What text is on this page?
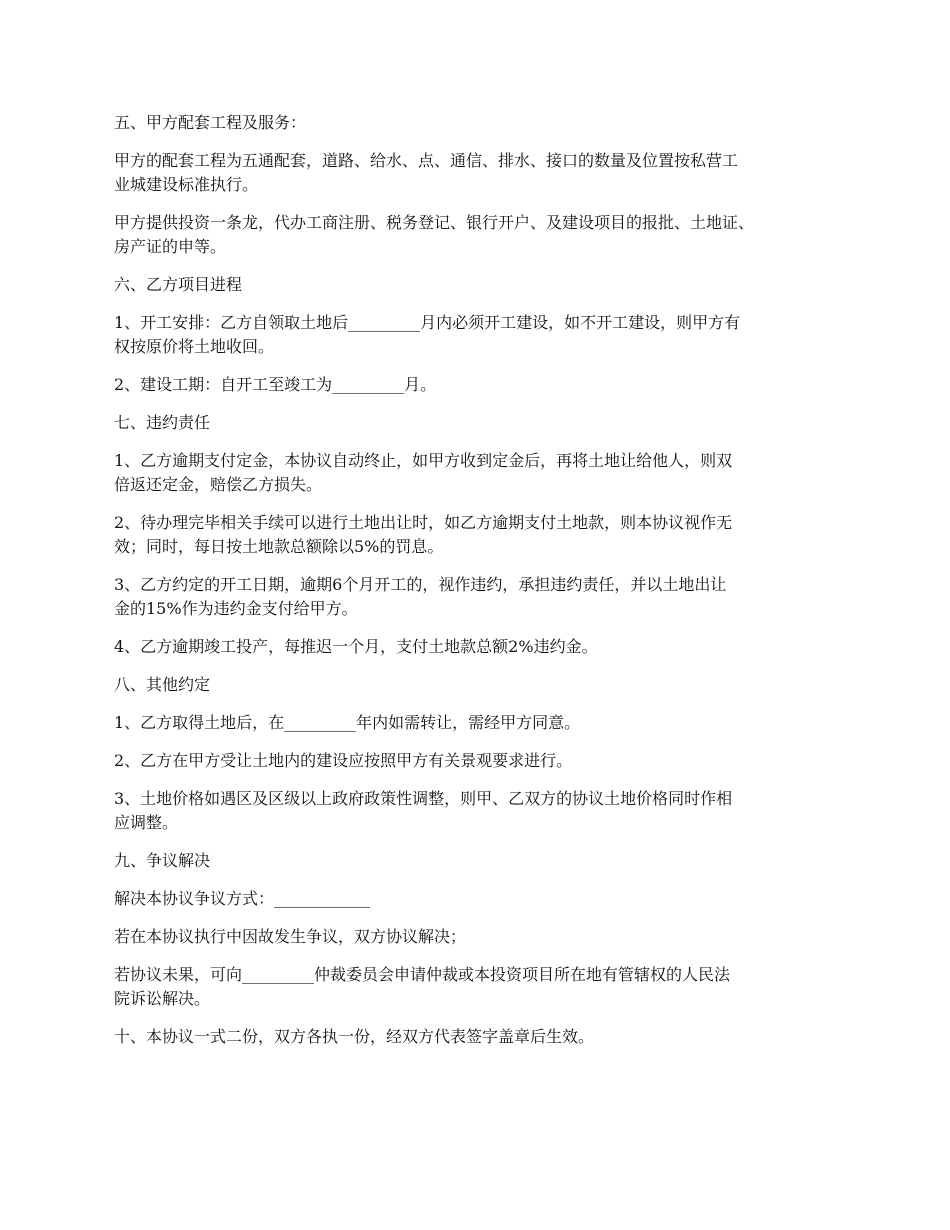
五、甲方配套工程及服务：

甲方的配套工程为五通配套，道路、给水、点、通信、排水、接口的数量及位置按私营工
业城建设标准执行。

甲方提供投资一条龙，代办工商注册、税务登记、银行开户、及建设项目的报批、土地证、
房产证的申等。

六、乙方项目进程

1、开工安排：乙方自领取土地后_________月内必须开工建设，如不开工建设，则甲方有
权按原价将土地收回。

2、建设工期：自开工至竣工为_________月。

七、违约责任

1、乙方逾期支付定金，本协议自动终止，如甲方收到定金后，再将土地让给他人，则双
倍返还定金，赔偿乙方损失。

2、待办理完毕相关手续可以进行土地出让时，如乙方逾期支付土地款，则本协议视作无
效；同时，每日按土地款总额除以5%的罚息。

3、乙方约定的开工日期，逾期6个月开工的，视作违约，承担违约责任，并以土地出让
金的15%作为违约金支付给甲方。

4、乙方逾期竣工投产，每推迟一个月，支付土地款总额2%违约金。

八、其他约定

1、乙方取得土地后，在_________年内如需转让，需经甲方同意。

2、乙方在甲方受让土地内的建设应按照甲方有关景观要求进行。

3、土地价格如遇区及区级以上政府政策性调整，则甲、乙双方的协议土地价格同时作相
应调整。

九、争议解决

解决本协议争议方式：____________

若在本协议执行中因故发生争议，双方协议解决；

若协议未果，可向_________仲裁委员会申请仲裁或本投资项目所在地有管辖权的人民法
院诉讼解决。

十、本协议一式二份，双方各执一份，经双方代表签字盖章后生效。
